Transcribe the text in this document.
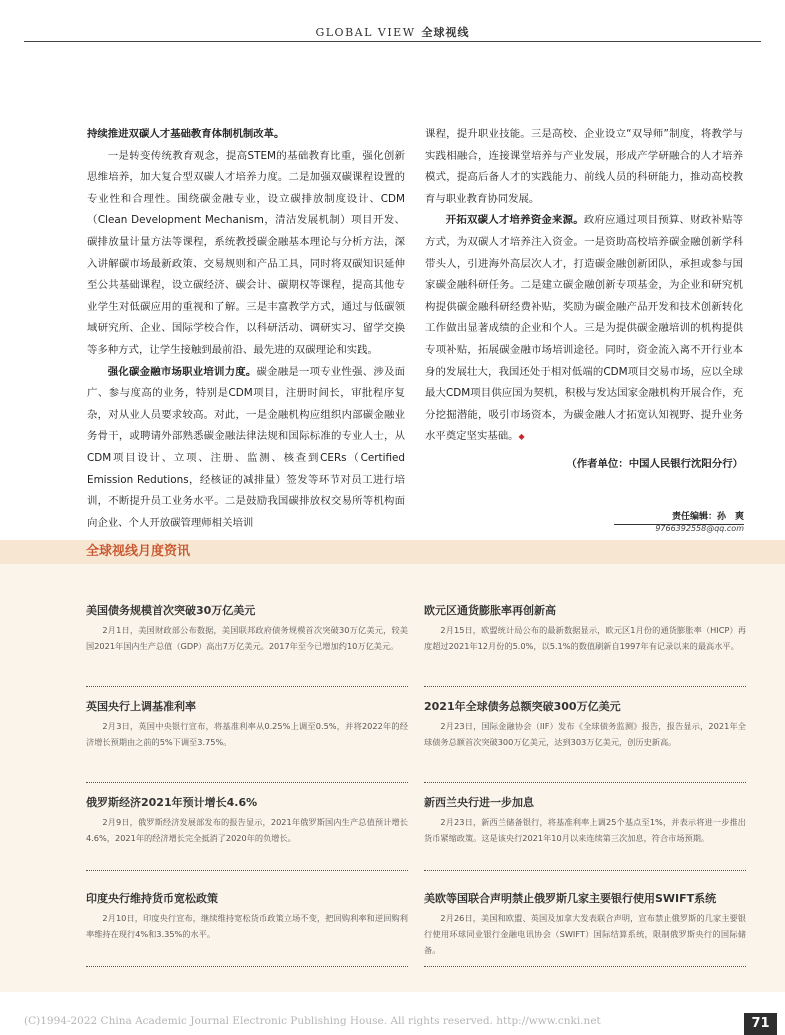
GLOBAL VIEW 全球视线

持续推进双碳人才基础教育体制机制改革。

一是转变传统教育观念，提高STEM的基础教育比重，强化创新思维培养，加大复合型双碳人才培养力度。二是加强双碳课程设置的专业性和合理性。围绕碳金融专业，设立碳排放制度设计、CDM（Clean Development Mechanism，清洁发展机制）项目开发、碳排放量计量方法等课程，系统教授碳金融基本理论与分析方法，深入讲解碳市场最新政策、交易规则和产品工具，同时将双碳知识延伸至公共基础课程，设立碳经济、碳会计、碳期权等课程，提高其他专业学生对低碳应用的重视和了解。三是丰富教学方式，通过与低碳领域研究所、企业、国际学校合作，以科研活动、调研实习、留学交换等多种方式，让学生接触到最前沿、最先进的双碳理论和实践。

强化碳金融市场职业培训力度。碳金融是一项专业性强、涉及面广、参与度高的业务，特别是CDM项目，注册时间长，审批程序复杂，对从业人员要求较高。对此，一是金融机构应组织内部碳金融业务骨干，或聘请外部熟悉碳金融法律法规和国际标准的专业人士，从CDM项目设计、立项、注册、监测、核查到CERs（Certified Emission Redutions，经核证的减排量）签发等环节对员工进行培训，不断提升员工业务水平。二是鼓励我国碳排放权交易所等机构面向企业、个人开放碳管理师相关培训

课程，提升职业技能。三是高校、企业设立“双导师”制度，将教学与实践相融合，连接课堂培养与产业发展，形成产学研融合的人才培养模式，提高后备人才的实践能力、前线人员的科研能力，推动高校教育与职业教育协同发展。

开拓双碳人才培养资金来源。政府应通过项目预算、财政补贴等方式，为双碳人才培养注入资金。一是资助高校培养碳金融创新学科带头人，引进海外高层次人才，打造碳金融创新团队，承担或参与国家碳金融科研任务。二是建立碳金融创新专项基金，为企业和研究机构提供碳金融科研经费补贴，奖励为碳金融产品开发和技术创新转化工作做出显著成绩的企业和个人。三是为提供碳金融培训的机构提供专项补贴，拓展碳金融市场培训途径。同时，资金流入离不开行业本身的发展壮大，我国还处于相对低端的CDM项目交易市场，应以全球最大CDM项目供应国为契机，积极与发达国家金融机构开展合作，充分挖掘潜能，吸引市场资本，为碳金融人才拓宽认知视野、提升业务水平奠定坚实基础。◆

（作者单位：中国人民银行沈阳分行）

责任编辑：孙　爽
9766392558@qq.com
全球视线月度资讯

美国债务规模首次突破30万亿美元

2月1日，美国财政部公布数据，美国联邦政府债务规模首次突破30万亿美元，较美国2021年国内生产总值（GDP）高出7万亿美元。2017年至今已增加约10万亿美元。

欧元区通货膨胀率再创新高

2月15日，欧盟统计局公布的最新数据显示，欧元区1月份的通货膨胀率（HICP）再度超过2021年12月份的5.0%，以5.1%的数值刷新自1997年有记录以来的最高水平。

英国央行上调基准利率

2月3日，英国中央银行宣布，将基准利率从0.25%上调至0.5%，并将2022年的经济增长预期由之前的5%下调至3.75%。

2021年全球债务总额突破300万亿美元

2月23日，国际金融协会（IIF）发布《全球债务监测》报告，报告显示，2021年全球债务总额首次突破300万亿美元，达到303万亿美元，创历史新高。

俄罗斯经济2021年预计增长4.6%

2月9日，俄罗斯经济发展部发布的报告显示，2021年俄罗斯国内生产总值预计增长4.6%，2021年的经济增长完全抵消了2020年的负增长。

新西兰央行进一步加息

2月23日，新西兰储备银行，将基准利率上调25个基点至1%，并表示将进一步推出货币紧缩政策。这是该央行2021年10月以来连续第三次加息，符合市场预期。

印度央行维持货币宽松政策

2月10日，印度央行宣布，继续维持宽松货币政策立场不变，把回购利率和逆回购利率维持在现行4%和3.35%的水平。

美欧等国联合声明禁止俄罗斯几家主要银行使用SWIFT系统

2月26日，美国和欧盟、英国及加拿大发表联合声明，宣布禁止俄罗斯的几家主要银行使用环球同业银行金融电讯协会（SWIFT）国际结算系统，限制俄罗斯央行的国际储备。

(C)1994-2022 China Academic Journal Electronic Publishing House. All rights reserved. http://www.cnki.net	71
